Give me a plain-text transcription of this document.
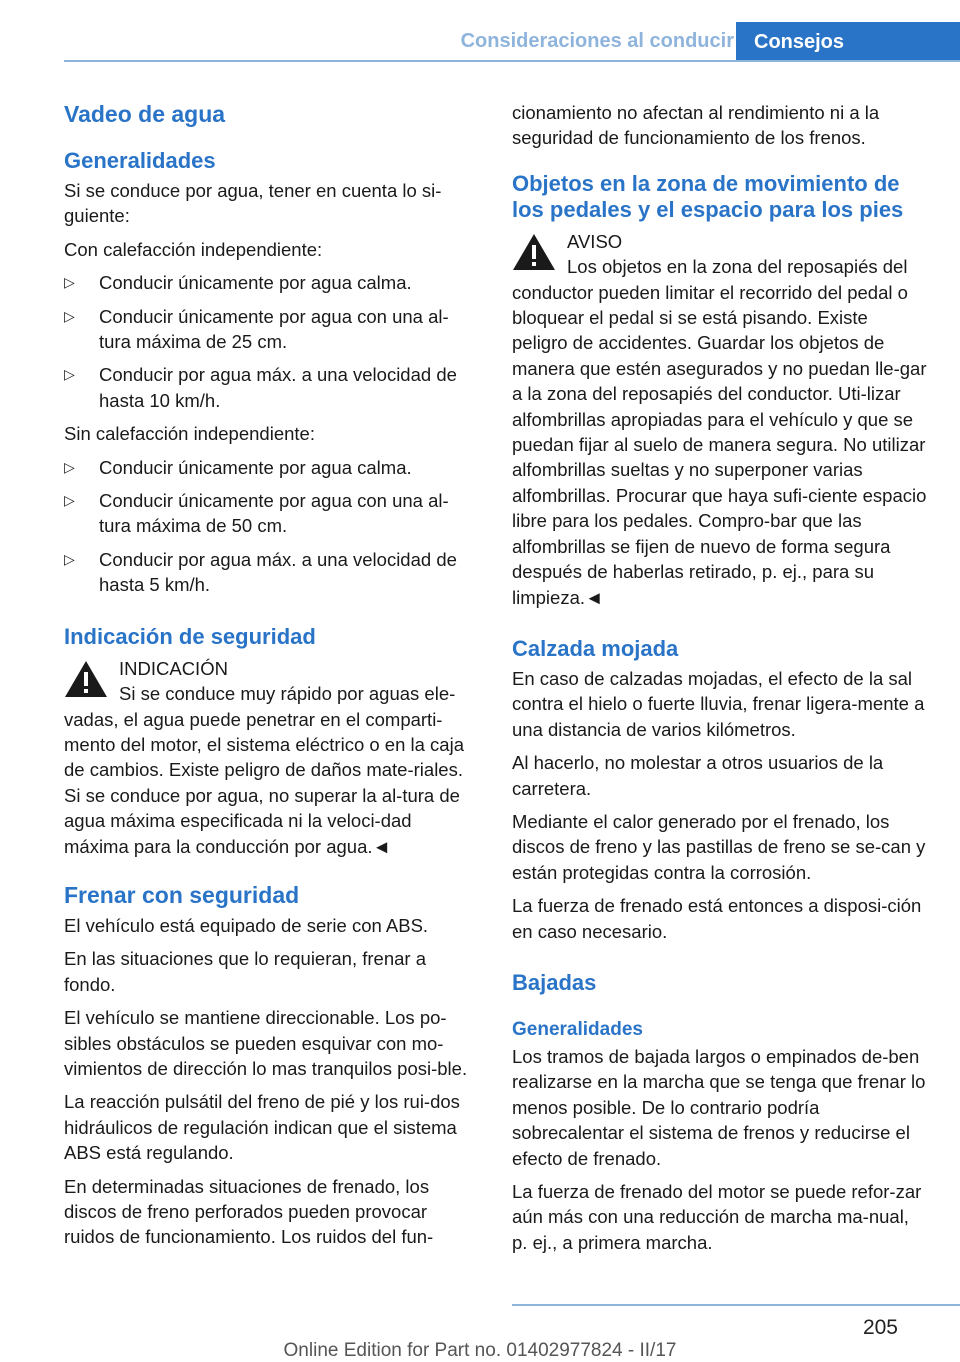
Consideraciones al conducir	Consejos
Vadeo de agua
Generalidades

Si se conduce por agua, tener en cuenta lo si-guiente:

Con calefacción independiente:

▷ Conducir únicamente por agua calma.
▷ Conducir únicamente por agua con una al-tura máxima de 25 cm.
▷ Conducir por agua máx. a una velocidad de hasta 10 km/h.

Sin calefacción independiente:

▷ Conducir únicamente por agua calma.
▷ Conducir únicamente por agua con una al-tura máxima de 50 cm.
▷ Conducir por agua máx. a una velocidad de hasta 5 km/h.
Indicación de seguridad
INDICACIÓN
Si se conduce muy rápido por aguas ele-vadas, el agua puede penetrar en el comparti-mento del motor, el sistema eléctrico o en la caja de cambios. Existe peligro de daños mate-riales. Si se conduce por agua, no superar la al-tura de agua máxima especificada ni la veloci-dad máxima para la conducción por agua.◄
Frenar con seguridad

El vehículo está equipado de serie con ABS.

En las situaciones que lo requieran, frenar a fondo.

El vehículo se mantiene direccionable. Los po-sibles obstáculos se pueden esquivar con mo-vimientos de dirección lo mas tranquilos posi-ble.

La reacción pulsátil del freno de pié y los rui-dos hidráulicos de regulación indican que el sistema ABS está regulando.

En determinadas situaciones de frenado, los discos de freno perforados pueden provocar ruidos de funcionamiento. Los ruidos del fun-

cionamiento no afectan al rendimiento ni a la seguridad de funcionamiento de los frenos.

Objetos en la zona de movimiento de los pedales y el espacio para los pies
AVISO
Los objetos en la zona del reposapiés del conductor pueden limitar el recorrido del pedal o bloquear el pedal si se está pisando. Existe peligro de accidentes. Guardar los objetos de manera que estén asegurados y no puedan lle-gar a la zona del reposapiés del conductor. Uti-lizar alfombrillas apropiadas para el vehículo y que se puedan fijar al suelo de manera segura. No utilizar alfombrillas sueltas y no superponer varias alfombrillas. Procurar que haya sufi-ciente espacio libre para los pedales. Compro-bar que las alfombrillas se fijen de nuevo de forma segura después de haberlas retirado, p. ej., para su limpieza.◄
Calzada mojada

En caso de calzadas mojadas, el efecto de la sal contra el hielo o fuerte lluvia, frenar ligera-mente a una distancia de varios kilómetros.

Al hacerlo, no molestar a otros usuarios de la carretera.

Mediante el calor generado por el frenado, los discos de freno y las pastillas de freno se se-can y están protegidas contra la corrosión.

La fuerza de frenado está entonces a disposi-ción en caso necesario.

Bajadas
Generalidades

Los tramos de bajada largos o empinados de-ben realizarse en la marcha que se tenga que frenar lo menos posible. De lo contrario podría sobrecalentar el sistema de frenos y reducirse el efecto de frenado.

La fuerza de frenado del motor se puede refor-zar aún más con una reducción de marcha ma-nual, p. ej., a primera marcha.

205
Online Edition for Part no. 01402977824 - II/17
